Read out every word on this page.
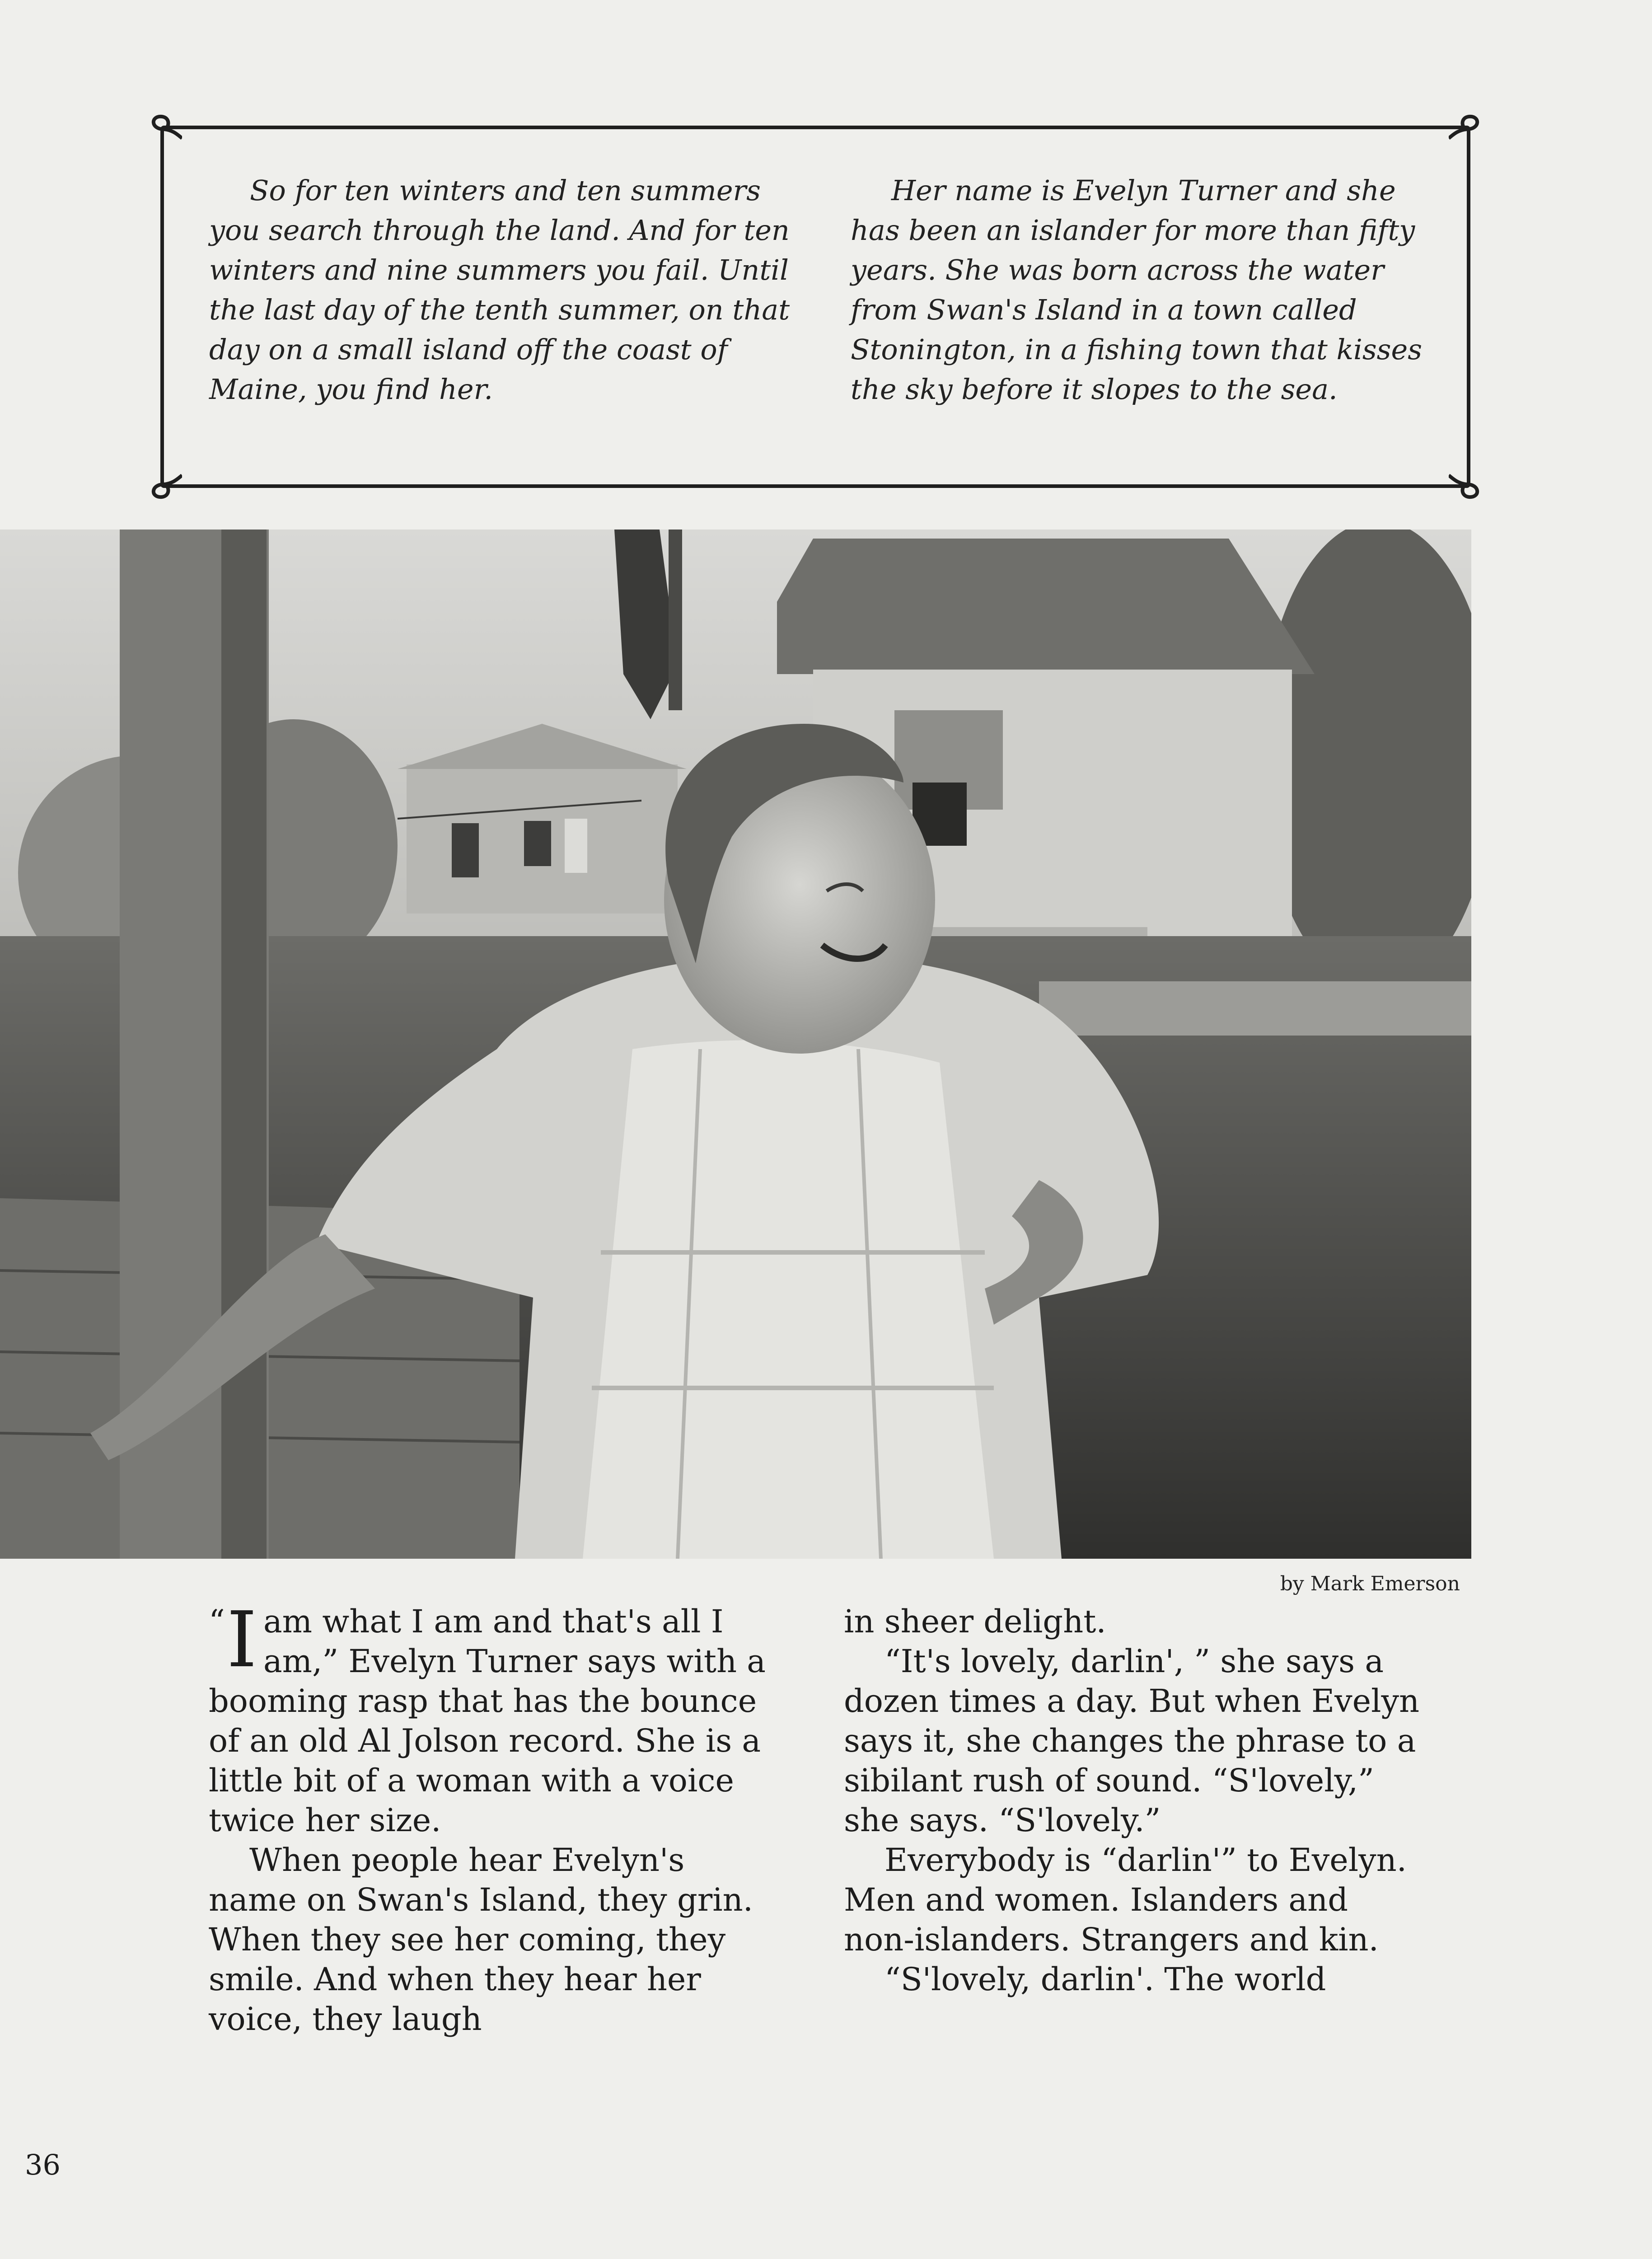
So for ten winters and ten summers you search through the land. And for ten winters and nine summers you fail. Until the last day of the tenth summer, on that day on a small island off the coast of Maine, you find her.

Her name is Evelyn Turner and she has been an islander for more than fifty years. She was born across the water from Swan's Island in a town called Stonington, in a fishing town that kisses the sky before it slopes to the sea.

by Mark Emerson

“ I am what I am and that's all I am,” Evelyn Turner says with a booming rasp that has the bounce of an old Al Jolson record. She is a little bit of a woman with a voice twice her size.

When people hear Evelyn's name on Swan's Island, they grin. When they see her coming, they smile. And when they hear her voice, they laugh

in sheer delight.

“It's lovely, darlin', ” she says a dozen times a day. But when Evelyn says it, she changes the phrase to a sibilant rush of sound. “S'lovely,” she says. “S'lovely.”

Everybody is “darlin'” to Evelyn. Men and women. Islanders and non-islanders. Strangers and kin.

“S'lovely, darlin'. The world

36
